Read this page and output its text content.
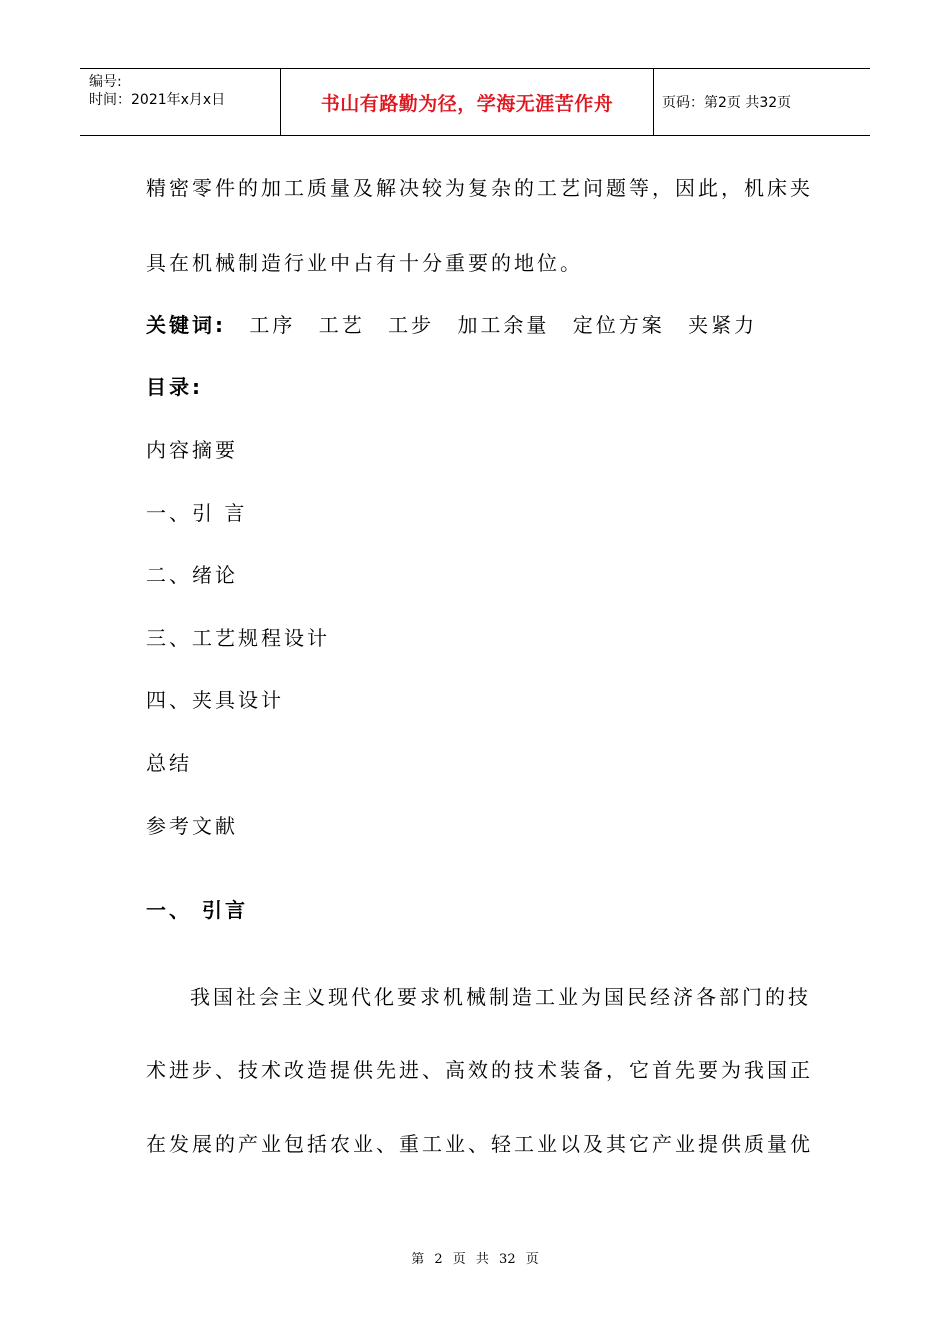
编号:
时间：2021年x月x日	书山有路勤为径，学海无涯苦作舟	页码：第2页 共32页
精密零件的加工质量及解决较为复杂的工艺问题等，因此，机床夹
具在机械制造行业中占有十分重要的地位。
关键词: 工序 工艺 工步 加工余量 定位方案 夹紧力
目录:
内容摘要
一、引 言
二、绪论
三、工艺规程设计
四、夹具设计
总结
参考文献
一、 引言
我国社会主义现代化要求机械制造工业为国民经济各部门的技
术进步、技术改造提供先进、高效的技术装备，它首先要为我国正
在发展的产业包括农业、重工业、轻工业以及其它产业提供质量优
第 2 页 共 32 页
